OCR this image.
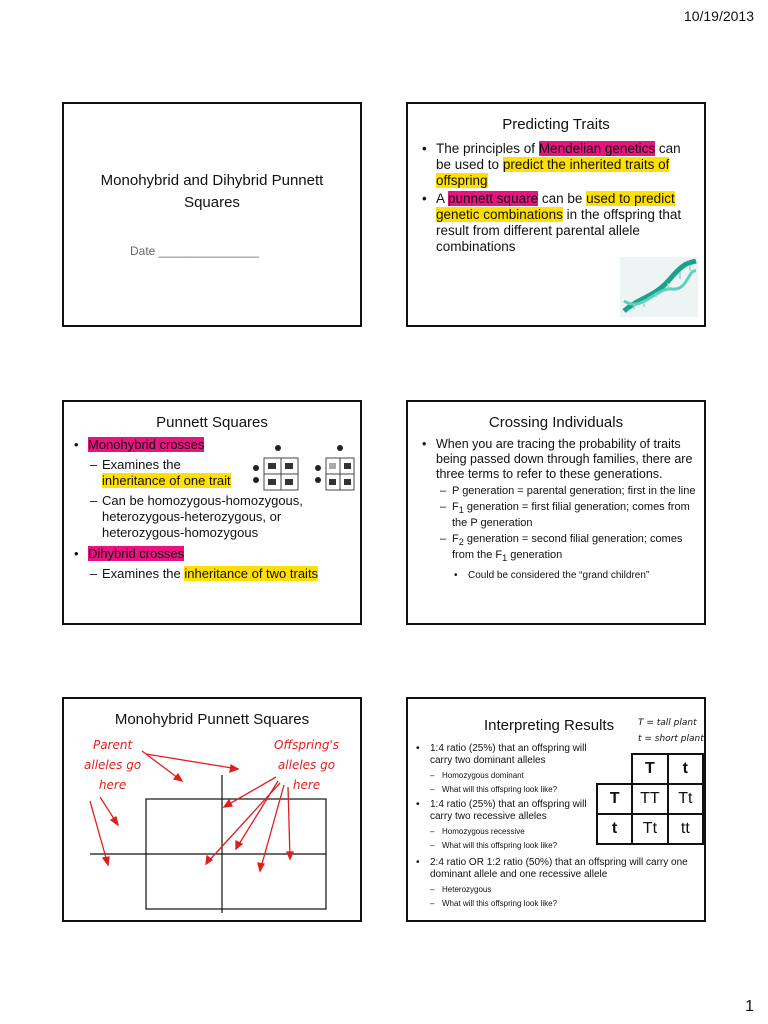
10/19/2013
Monohybrid and Dihybrid Punnett
Squares
Date _______________
Predicting Traits
• The principles of Mendelian genetics can be used to predict the inherited traits of offspring
• A punnett square can be used to predict genetic combinations in the offspring that result from different parental allele combinations
Punnett Squares
• Monohybrid crosses
– Examines the
inheritance of one trait
– Can be homozygous-homozygous, heterozygous-heterozygous, or heterozygous-homozygous
• Dihybrid crosses
– Examines the inheritance of two traits
Crossing Individuals
• When you are tracing the probability of traits being passed down through families, there are three terms to refer to these generations.
– P generation = parental generation; first in the line
– $F_1$ generation = first filial generation; comes from the P generation
– $F_2$ generation = second filial generation; comes from the $F_1$ generation
• Could be considered the “grand children”
Monohybrid Punnett Squares
Parent
alleles go
here
Offspring's
alleles go
here
Interpreting Results	T = tall plant
t = short plant
• 1:4 ratio (25%) that an offspring will carry two dominant alleles
– Homozygous dominant
– What will this offspring look like?
• 1:4 ratio (25%) that an offspring will carry two recessive alleles
– Homozygous recessive
– What will this offspring look like?
• 2:4 ratio OR 1:2 ratio (50%) that an offspring will carry one dominant allele and one recessive allele
– Heterozygous
– What will this offspring look like?
	T	t
T	TT	Tt
t	Tt	tt
1
